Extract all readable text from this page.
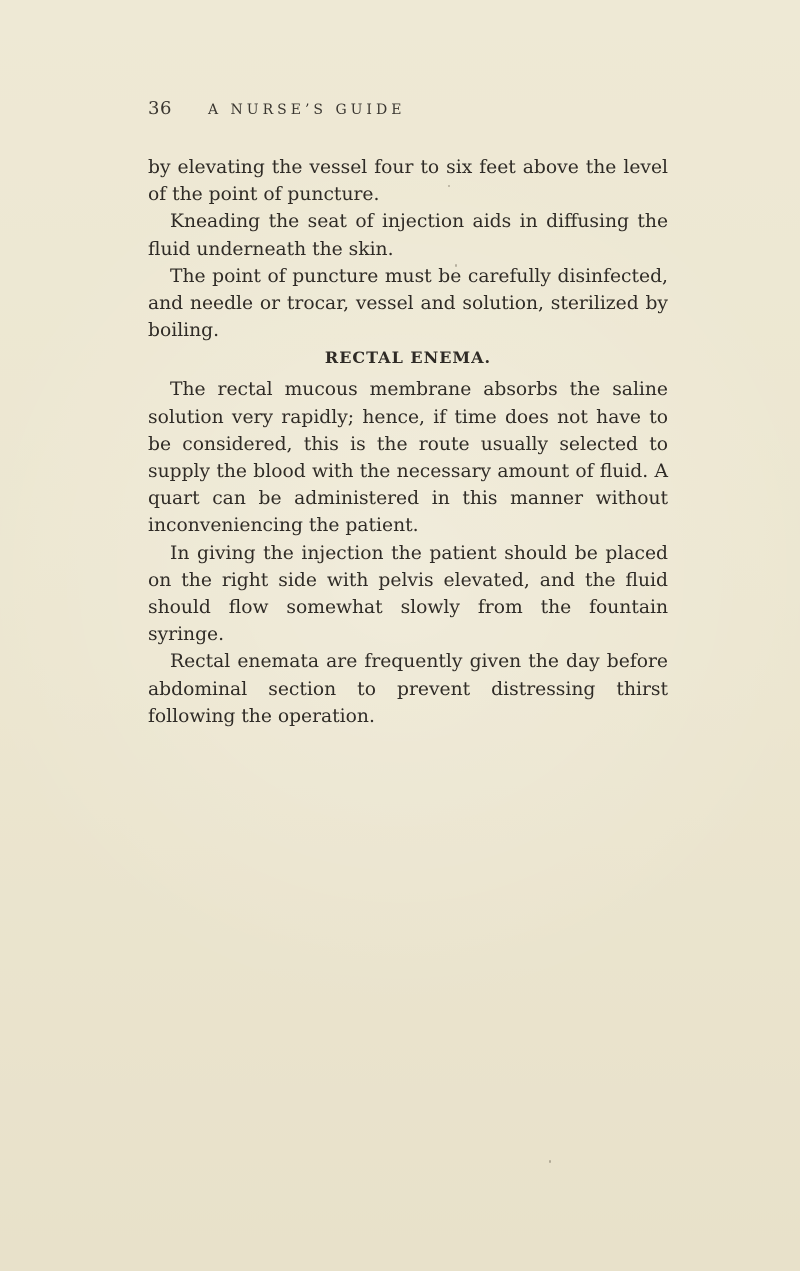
36	A NURSE’S GUIDE

by elevating the vessel four to six feet above the level of the point of puncture.

Kneading the seat of injection aids in diffusing the fluid underneath the skin.

The point of puncture must be carefully disinfected, and needle or trocar, vessel and solution, sterilized by boiling.

RECTAL ENEMA.

The rectal mucous membrane absorbs the saline solution very rapidly; hence, if time does not have to be considered, this is the route usually selected to supply the blood with the necessary amount of fluid. A quart can be administered in this manner without inconveniencing the patient.

In giving the injection the patient should be placed on the right side with pelvis elevated, and the fluid should flow somewhat slowly from the fountain syringe.

Rectal enemata are frequently given the day before abdominal section to prevent distressing thirst following the operation.
